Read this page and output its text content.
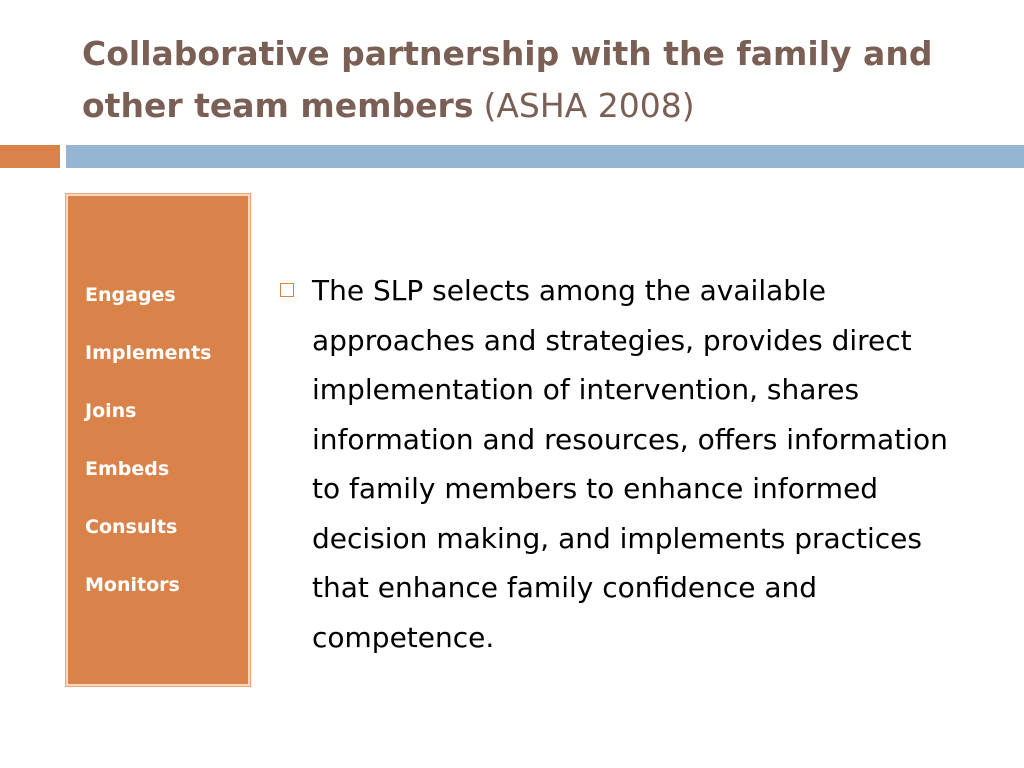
Collaborative partnership with the family and other team members (ASHA 2008)
Engages
Implements
Joins
Embeds
Consults
Monitors
The SLP selects among the available approaches and strategies, provides direct implementation of intervention, shares information and resources, offers information to family members to enhance informed decision making, and implements practices that enhance family confidence and competence.
